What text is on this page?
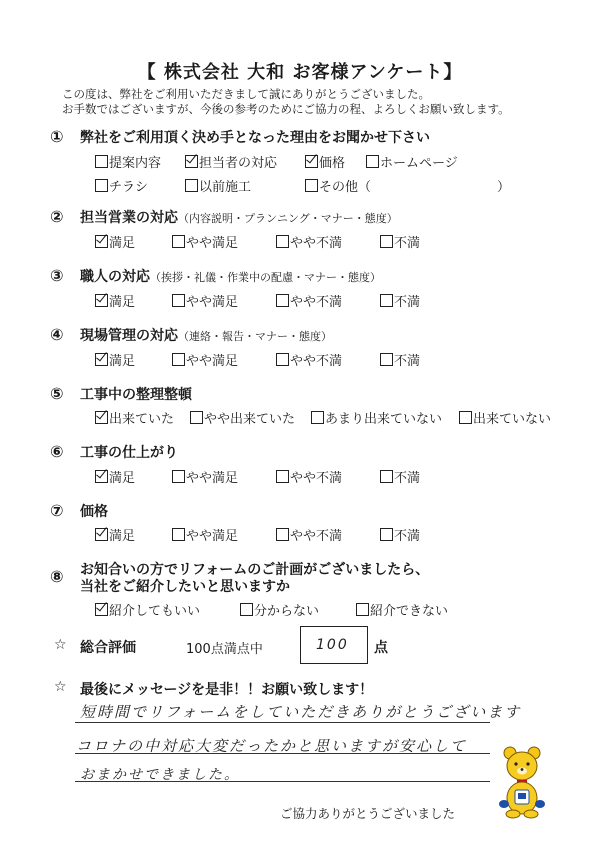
【 株式会社 大和 お客様アンケート】
この度は、弊社をご利用いただきまして誠にありがとうございました。
お手数ではございますが、今後の参考のためにご協力の程、よろしくお願い致します。
① 弊社をご利用頂く決め手となった理由をお聞かせ下さい
提案内容	担当者の対応	価格	ホームページ
チラシ	以前施工	その他（	）
② 担当営業の対応（内容説明・プランニング・マナー・態度）
満足	やや満足	やや不満	不満
③ 職人の対応（挨拶・礼儀・作業中の配慮・マナー・態度）
満足	やや満足	やや不満	不満
④ 現場管理の対応（連絡・報告・マナー・態度）
満足	やや満足	やや不満	不満
⑤ 工事中の整理整頓
出来ていた	やや出来ていた	あまり出来ていない	出来ていない
⑥ 工事の仕上がり
満足	やや満足	やや不満	不満
⑦ 価格
満足	やや満足	やや不満	不満
⑧ お知合いの方でリフォームのご計画がございましたら、
当社をご紹介したいと思いますか
紹介してもいい	分からない	紹介できない
☆ 総合評価	100点満点中	100 点
☆ 最後にメッセージを是非！！お願い致します！
短時間でリフォームをしていただきありがとうございます
コロナの中対応大変だったかと思いますが安心して
おまかせできました。
ご協力ありがとうございました
